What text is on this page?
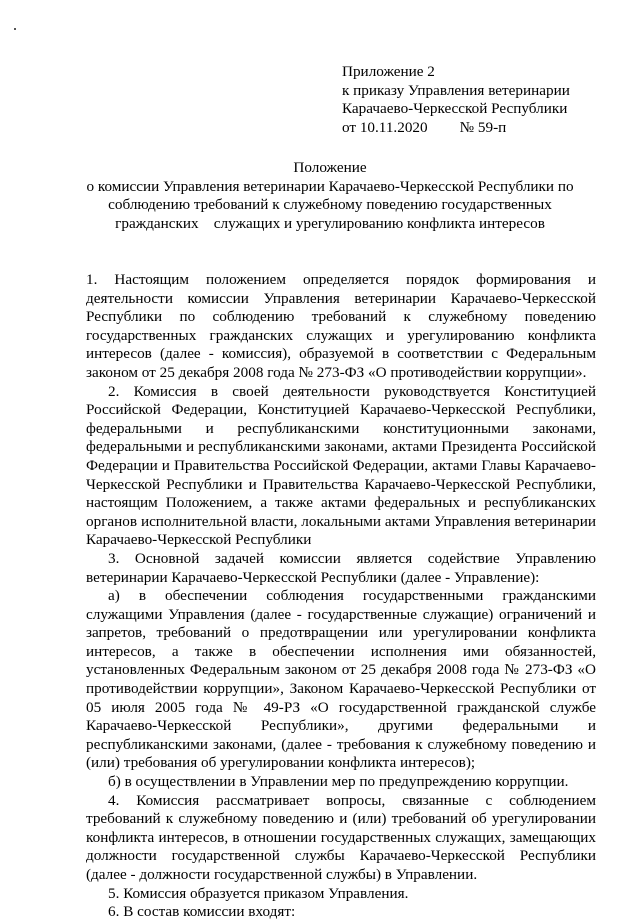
Приложение 2
к приказу Управления ветеринарии
Карачаево-Черкесской Республики
от 10.11.2020 № 59-п
Положение
о комиссии Управления ветеринарии Карачаево-Черкесской Республики по
соблюдению требований к служебному поведению государственных
гражданских    служащих и урегулированию конфликта интересов

1. Настоящим положением определяется порядок формирования и деятельности комиссии Управления ветеринарии Карачаево-Черкесской Республики по соблюдению требований к служебному поведению государственных гражданских служащих и урегулированию конфликта интересов (далее - комиссия), образуемой в соответствии с Федеральным законом от 25 декабря 2008 года № 273-ФЗ «О противодействии коррупции».

2. Комиссия в своей деятельности руководствуется Конституцией Российской Федерации, Конституцией Карачаево-Черкесской Республики, федеральными и республиканскими конституционными законами, федеральными и республиканскими законами, актами Президента Российской Федерации и Правительства Российской Федерации, актами Главы Карачаево-Черкесской Республики и Правительства Карачаево-Черкесской Республики, настоящим Положением, а также актами федеральных и республиканских органов исполнительной власти, локальными актами Управления ветеринарии Карачаево-Черкесской Республики

3. Основной задачей комиссии является содействие Управлению ветеринарии Карачаево-Черкесской Республики (далее - Управление):

а) в обеспечении соблюдения государственными гражданскими служащими Управления (далее - государственные служащие) ограничений и запретов, требований о предотвращении или урегулировании конфликта интересов, а также в обеспечении исполнения ими обязанностей, установленных Федеральным законом от 25 декабря 2008 года № 273-ФЗ «О противодействии коррупции», Законом Карачаево-Черкесской Республики от 05 июля 2005 года № 49-РЗ «О государственной гражданской службе Карачаево-Черкесской Республики», другими федеральными и республиканскими законами, (далее - требования к служебному поведению и (или) требования об урегулировании конфликта интересов);

б) в осуществлении в Управлении мер по предупреждению коррупции.

4. Комиссия рассматривает вопросы, связанные с соблюдением требований к служебному поведению и (или) требований об урегулировании конфликта интересов, в отношении государственных служащих, замещающих должности государственной службы Карачаево-Черкесской Республики (далее - должности государственной службы) в Управлении.

5. Комиссия образуется приказом Управления.

6. В состав комиссии входят:
